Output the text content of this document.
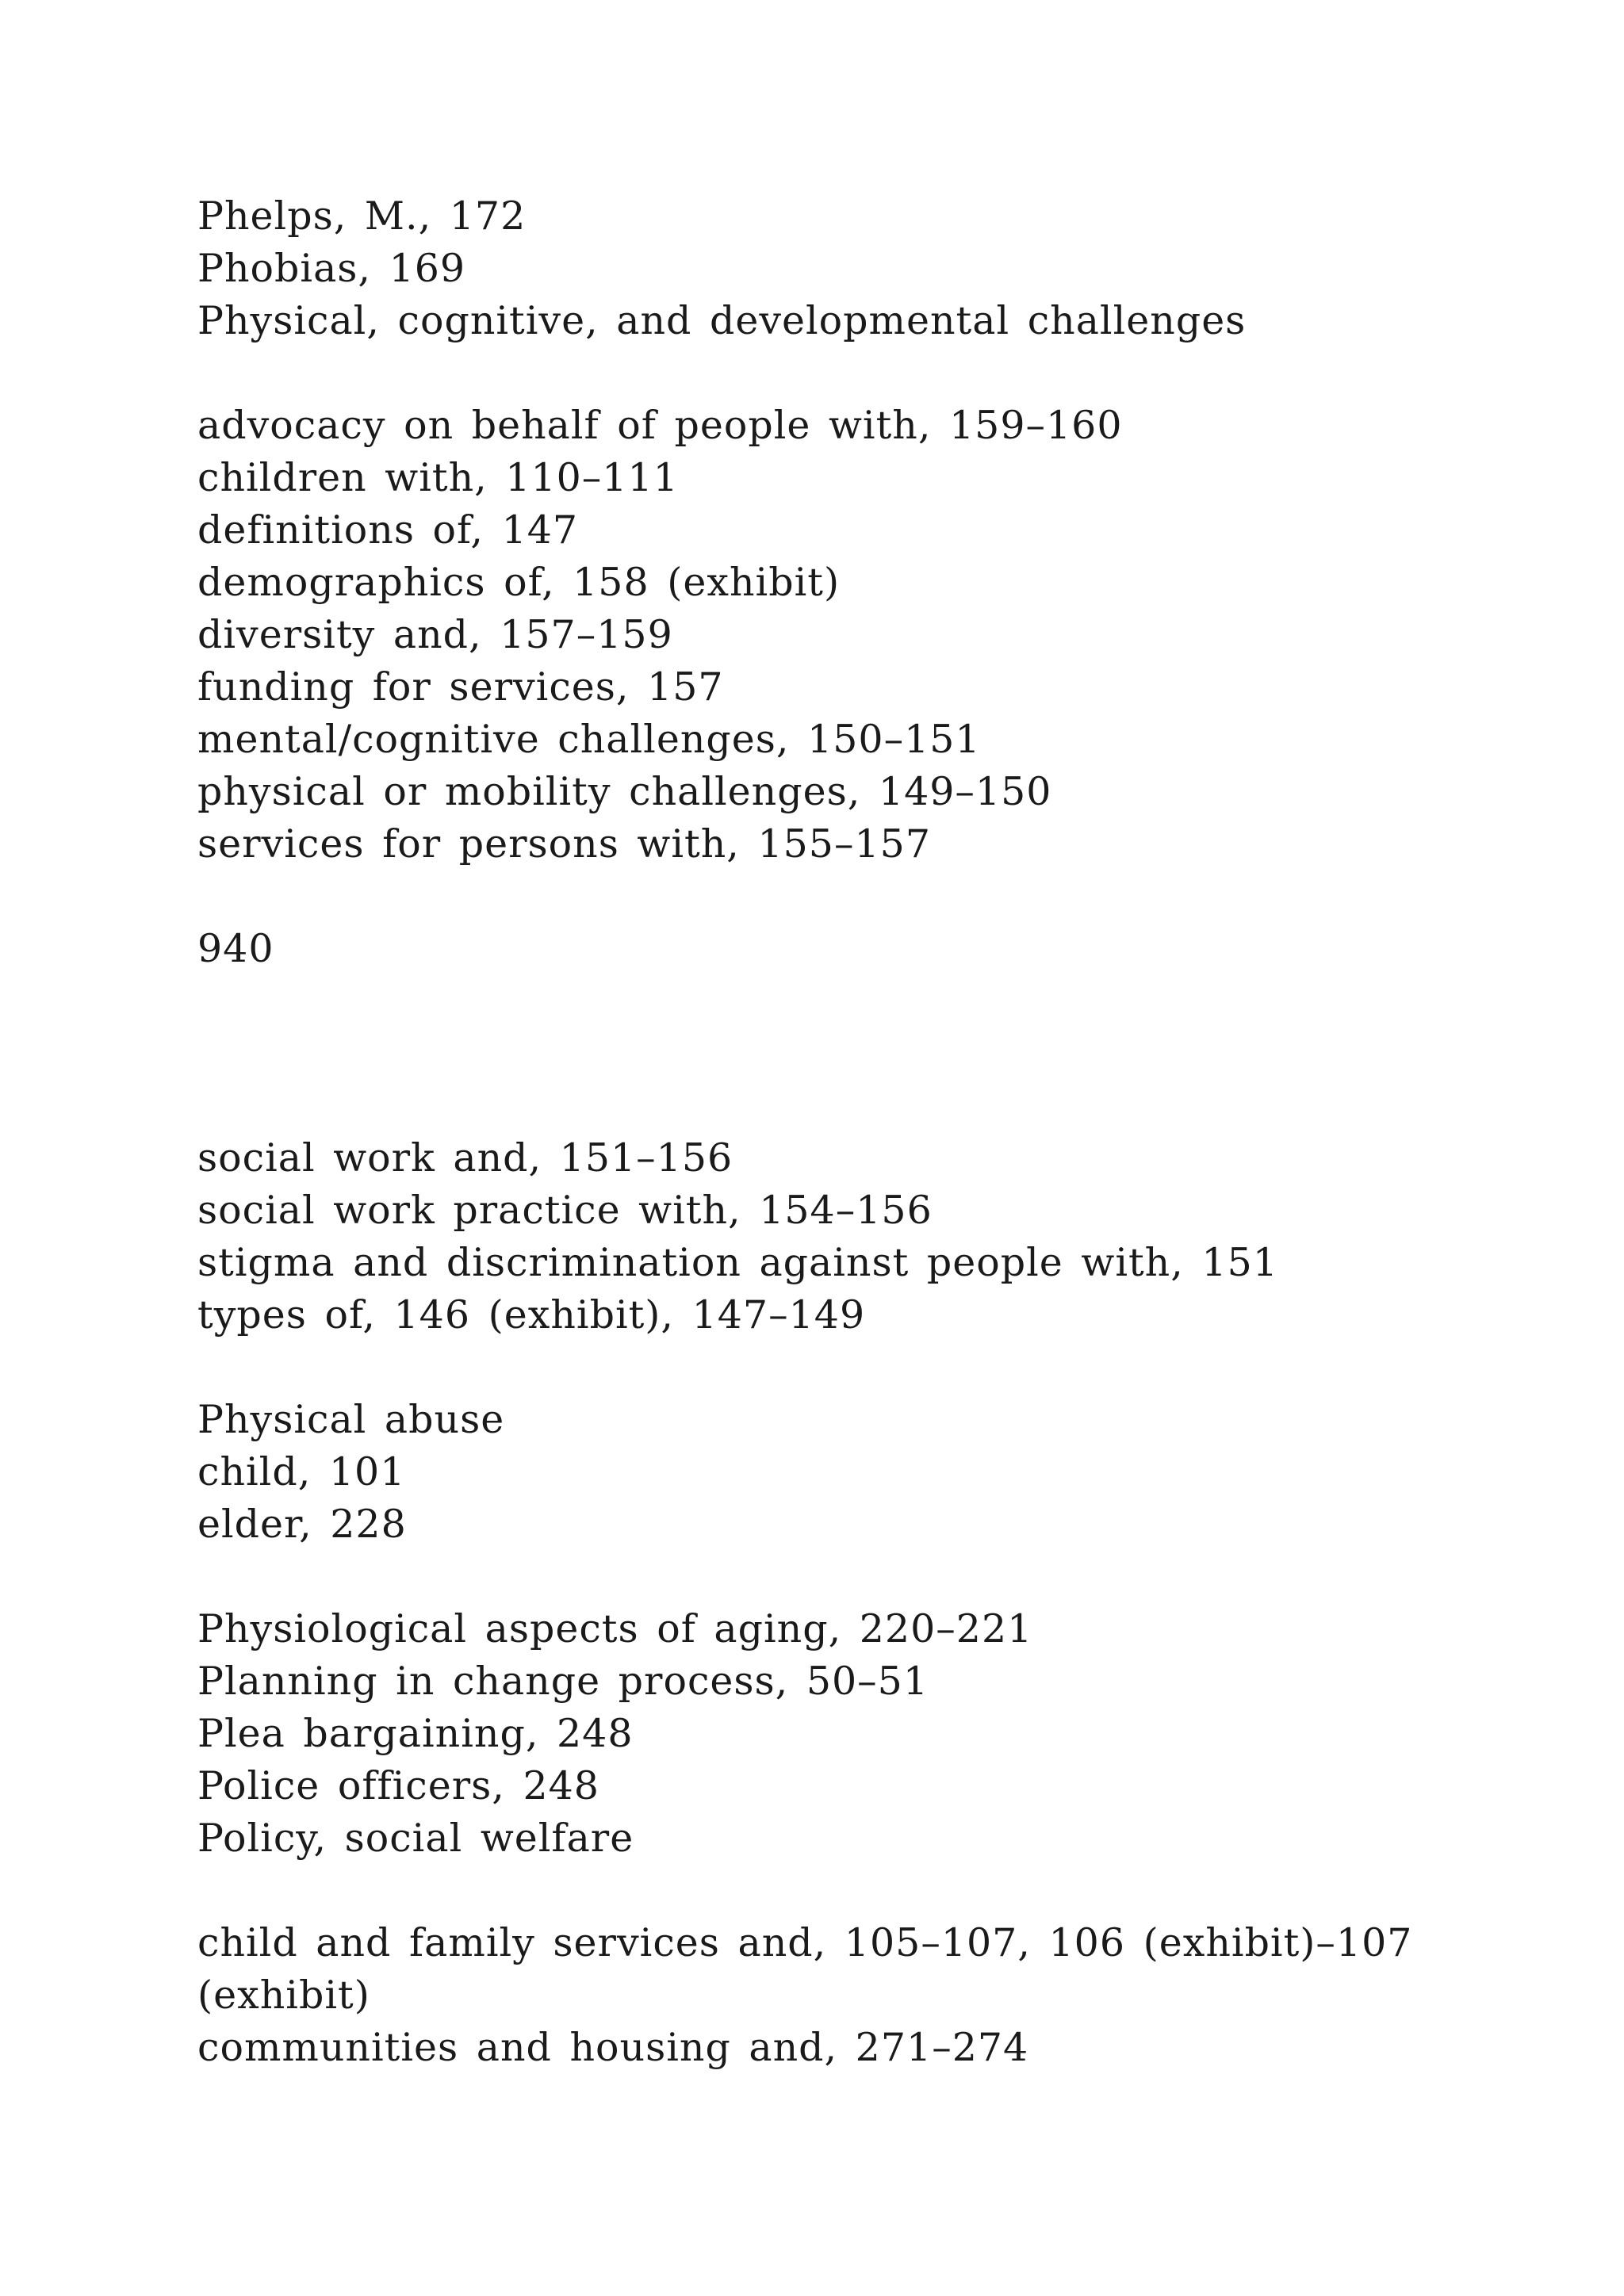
Phelps, M., 172
Phobias, 169
Physical, cognitive, and developmental challenges
advocacy on behalf of people with, 159–160
children with, 110–111
definitions of, 147
demographics of, 158 (exhibit)
diversity and, 157–159
funding for services, 157
mental/cognitive challenges, 150–151
physical or mobility challenges, 149–150
services for persons with, 155–157
940
social work and, 151–156
social work practice with, 154–156
stigma and discrimination against people with, 151
types of, 146 (exhibit), 147–149
Physical abuse
child, 101
elder, 228
Physiological aspects of aging, 220–221
Planning in change process, 50–51
Plea bargaining, 248
Police officers, 248
Policy, social welfare
child and family services and, 105–107, 106 (exhibit)–107
(exhibit)
communities and housing and, 271–274
